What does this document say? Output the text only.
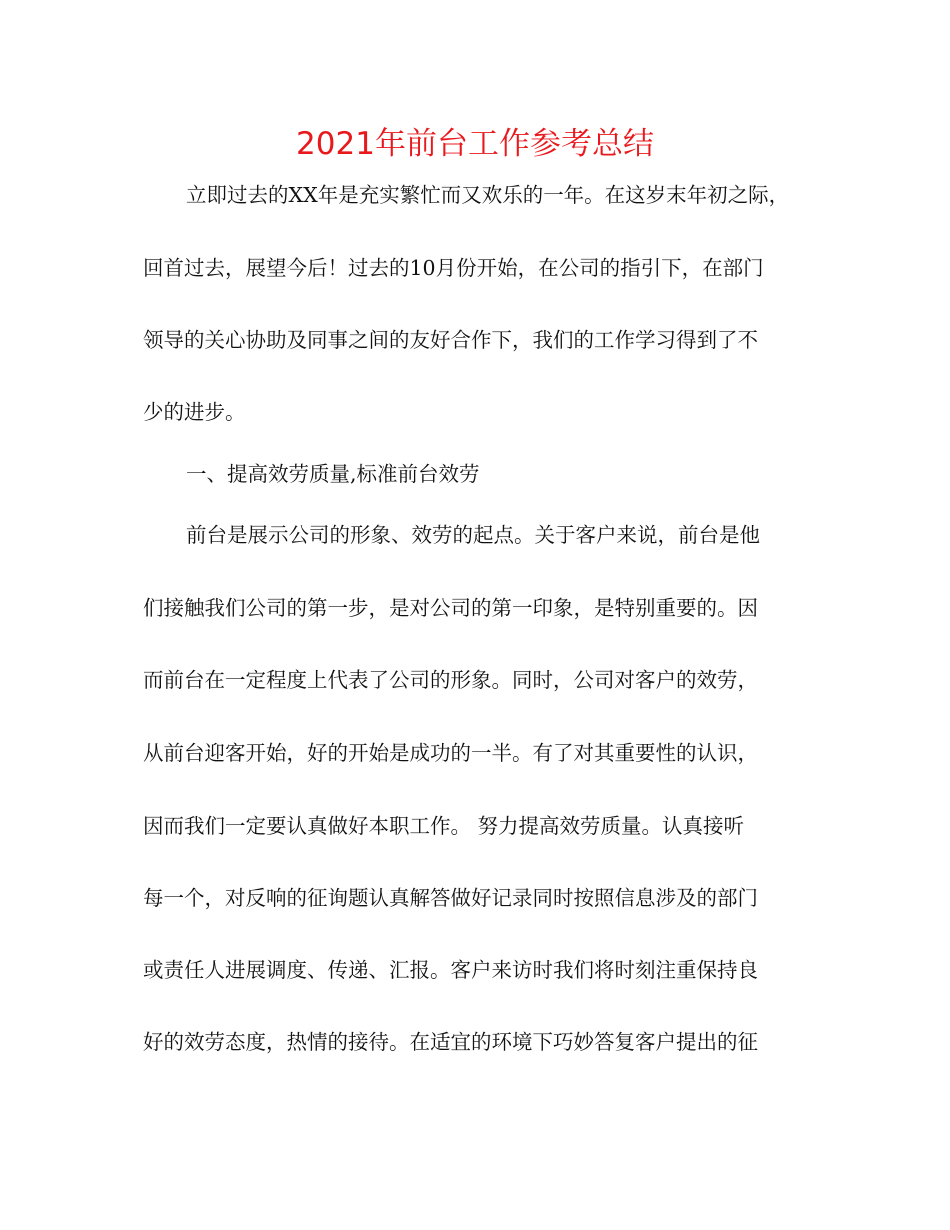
2021年前台工作参考总结

立即过去的XX年是充实繁忙而又欢乐的一年。在这岁末年初之际，

回首过去，展望今后！过去的10月份开始，在公司的指引下，在部门

领导的关心协助及同事之间的友好合作下，我们的工作学习得到了不

少的进步。

一、提高效劳质量,标准前台效劳

前台是展示公司的形象、效劳的起点。关于客户来说，前台是他

们接触我们公司的第一步，是对公司的第一印象，是特别重要的。因

而前台在一定程度上代表了公司的形象。同时，公司对客户的效劳，

从前台迎客开始，好的开始是成功的一半。有了对其重要性的认识，

因而我们一定要认真做好本职工作。 努力提高效劳质量。认真接听

每一个，对反响的征询题认真解答做好记录同时按照信息涉及的部门

或责任人进展调度、传递、汇报。客户来访时我们将时刻注重保持良

好的效劳态度，热情的接待。在适宜的环境下巧妙答复客户提出的征
